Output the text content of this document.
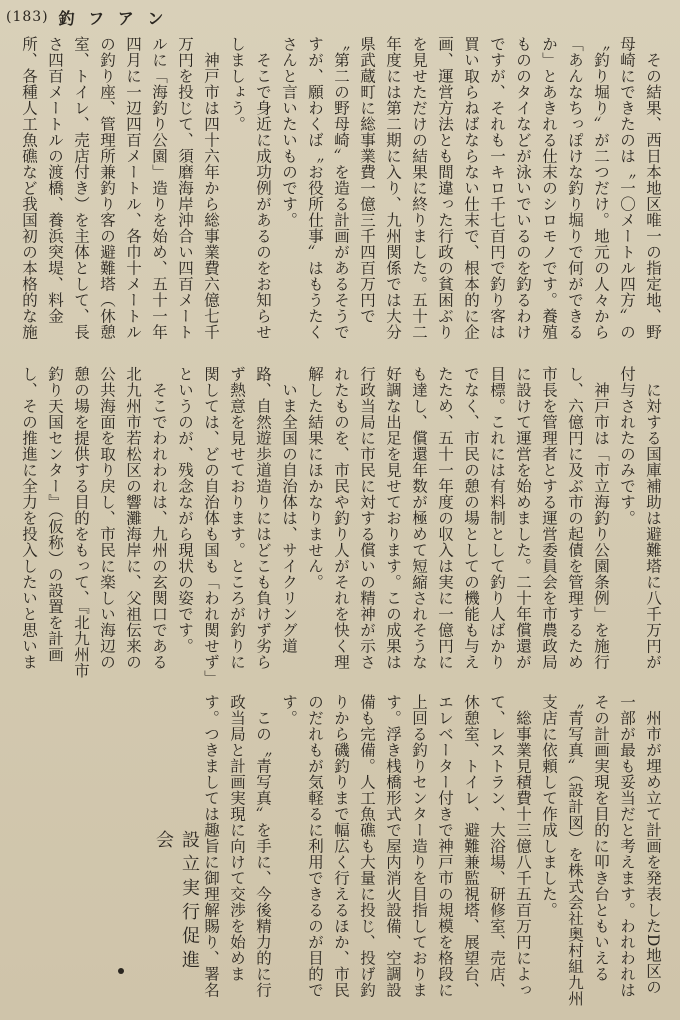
(183) 釣 フ ア ン

その結果、西日本地区唯一の指定地、野母崎にできたのは〝一〇メートル四方〟の〝釣り堀り〟が二つだけ。地元の人々から「あんなちっぽけな釣り堀りで何ができるか」とあきれる仕末のシロモノです。養殖もののタイなどが泳いでいるのを釣るわけですが、それも一キロ千七百円で釣り客は買い取らねばならない仕末で、根本的に企画、運営方法とも間違った行政の貧困ぶりを見せただけの結果に終りました。五十二年度には第二期に入り、九州関係では大分県武蔵町に総事業費一億三千四百万円で〝第二の野母崎〟を造る計画があるそうですが、願わくば〝お役所仕事〟はもうたくさんと言いたいものです。

そこで身近に成功例があるのをお知らせしましょう。

神戸市は四十六年から総事業費六億七千万円を投じて、須磨海岸沖合い四百メートルに「海釣り公園」造りを始め、五十一年四月に一辺四百メートル、各巾十メートルの釣り座、管理所兼釣り客の避難塔（休憩室、トイレ、売店付き）を主体として、長さ四百メートルの渡橋、養浜突堤、料金所、各種人工魚礁など我国初の本格的な施

に対する国庫補助は避難塔に八千万円が付与されたのみです。

神戸市は「市立海釣り公園条例」を施行し、六億円に及ぶ市の起債を管理するため市長を管理者とする運営委員会を市農政局に設けて運営を始めました。二十年償還が目標。これには有料制として釣り人ばかりでなく、市民の憩の場としての機能も与えたため、五十一年度の収入は実に一億円にも達し、償還年数が極めて短縮されそうな好調な出足を見せております。この成果は行政当局に市民に対する償いの精神が示されたものを、市民や釣り人がそれを快く理解した結果にほかなりません。

いま全国の自治体は、サイクリング道路、自然遊歩道造りにはどこも負けず劣らず熱意を見せております。ところが釣りに関しては、どの自治体も国も「われ関せず」というのが、残念ながら現状の姿です。

そこでわれわれは、九州の玄関口である北九州市若松区の響灘海岸に、父祖伝来の公共海面を取り戻し、市民に楽しい海辺の憩の場を提供する目的をもって、『北九州市釣り天国センター』（仮称）の設置を計画し、その推進に全力を投入したいと思いま

州市が埋め立て計画を発表したD地区の一部が最も妥当だと考えます。われわれはその計画実現を目的に叩き台ともいえる〝青写真〟（設計図）を株式会社奥村組九州支店に依頼して作成しました。

総事業見積費十三億八千五百万円によって、レストラン、大浴場、研修室、売店、休憩室、トイレ、避難兼監視塔、展望台、エレベーター付きで神戸市の規模を格段に上回る釣りセンター造りを目指しております。浮き桟橋形式で屋内消火設備、空調設備も完備。人工魚礁も大量に投じ、投げ釣りから磯釣りまで幅広く行えるほか、市民のだれもが気軽るに利用できるのが目的です。

この〝青写真〟を手に、今後精力的に行政当局と計画実現に向けて交渉を始めます。つきましては趣旨に御理解賜り、署名

設立実行促進会
